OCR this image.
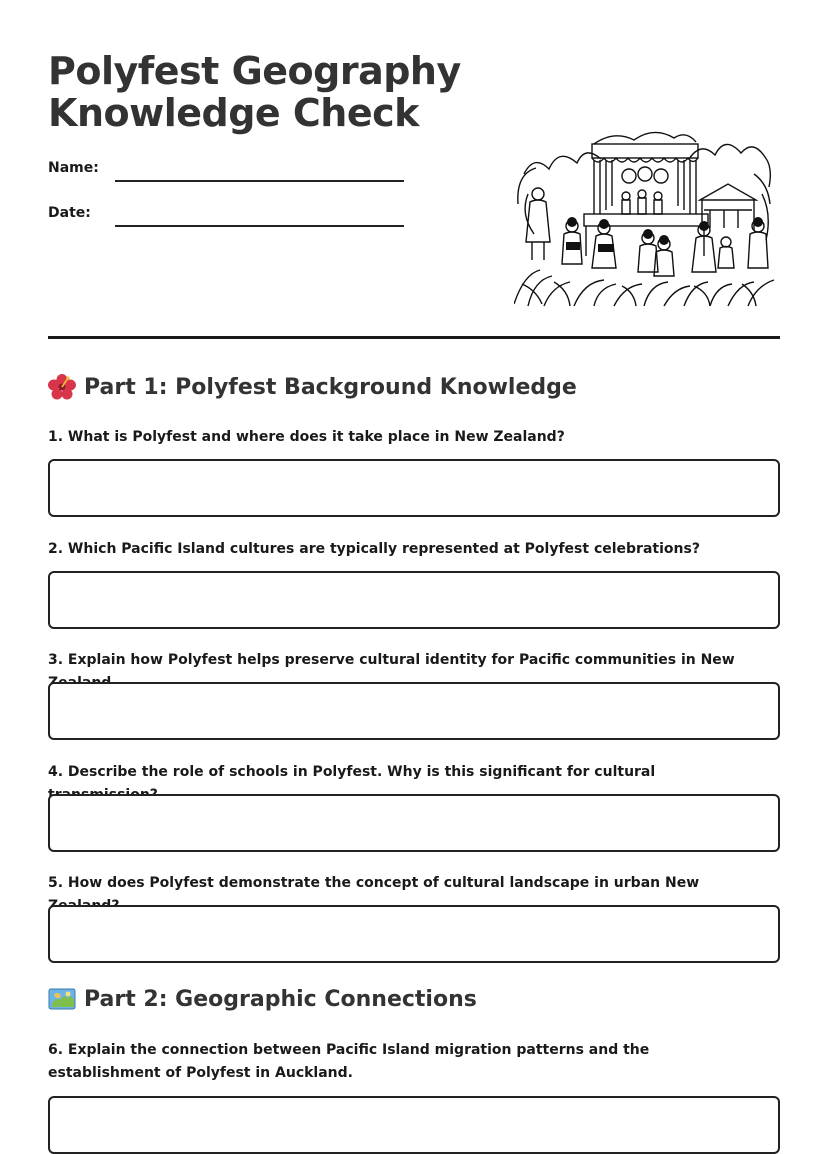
Polyfest Geography
Knowledge Check
Name:
Date:
Part 1: Polyfest Background Knowledge

1. What is Polyfest and where does it take place in New Zealand?

2. Which Pacific Island cultures are typically represented at Polyfest celebrations?

3. Explain how Polyfest helps preserve cultural identity for Pacific communities in New

4. Describe the role of schools in Polyfest. Why is this significant for cultural

5. How does Polyfest demonstrate the concept of cultural landscape in urban New

Part 2: Geographic Connections

6. Explain the connection between Pacific Island migration patterns and the establishment of Polyfest in Auckland.
